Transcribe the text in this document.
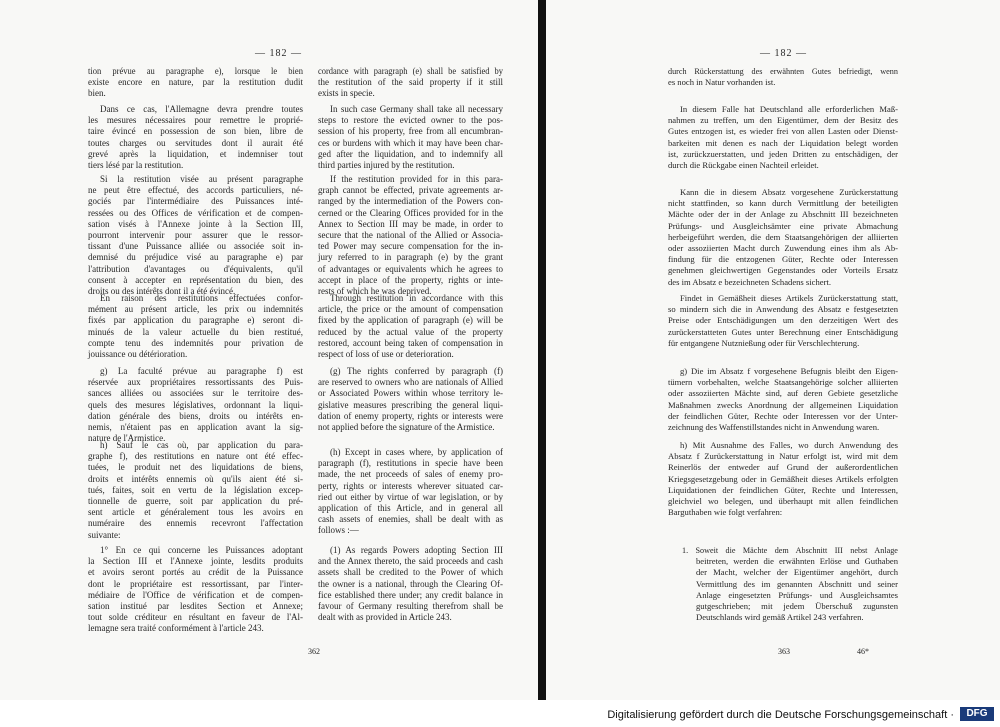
— 182 —
tion prévue au paragraphe e), lorsque le bien
existe encore en nature, par la restitution dudit
bien.
Dans ce cas, l'Allemagne devra prendre toutes
les mesures nécessaires pour remettre le proprié-
taire évincé en possession de son bien, libre de
toutes charges ou servitudes dont il aurait été
grevé après la liquidation, et indemniser tout
tiers lésé par la restitution.
Si la restitution visée au présent paragraphe
ne peut être effectué, des accords particuliers, né-
gociés par l'intermédiaire des Puissances inté-
ressées ou des Offices de vérification et de compen-
sation visés à l'Annexe jointe à la Section III,
pourront intervenir pour assurer que le ressor-
tissant d'une Puissance alliée ou associée soit in-
demnisé du préjudice visé au paragraphe e) par
l'attribution d'avantages ou d'équivalents, qu'il
consent à accepter en représentation du bien, des
droits ou des intérêts dont il a été évincé.
En raison des restitutions effectuées confor-
mément au présent article, les prix ou indemnités
fixés par application du paragraphe e) seront di-
minués de la valeur actuelle du bien restitué,
compte tenu des indemnités pour privation de
jouissance ou détérioration.
g) La faculté prévue au paragraphe f) est
réservée aux propriétaires ressortissants des Puis-
sances alliées ou associées sur le territoire des-
quels des mesures législatives, ordonnant la liqui-
dation générale des biens, droits ou intérêts en-
nemis, n'étaient pas en application avant la sig-
nature de l'Armistice.
h) Sauf le cas où, par application du para-
graphe f), des restitutions en nature ont été effec-
tuées, le produit net des liquidations de biens,
droits et intérêts ennemis où qu'ils aient été si-
tués, faites, soit en vertu de la législation excep-
tionnelle de guerre, soit par application du pré-
sent article et généralement tous les avoirs en
numéraire des ennemis recevront l'affectation
suivante:
1° En ce qui concerne les Puissances adoptant
la Section III et l'Annexe jointe, lesdits produits
et avoirs seront portés au crédit de la Puissance
dont le propriétaire est ressortissant, par l'inter-
médiaire de l'Office de vérification et de compen-
sation institué par lesdites Section et Annexe;
tout solde créditeur en résultant en faveur de l'Al-
lemagne sera traité conformément à l'article 243.
cordance with paragraph (e) shall be satisfied by
the restitution of the said property if it still
exists in specie.
In such case Germany shall take all necessary
steps to restore the evicted owner to the pos-
session of his property, free from all encumbran-
ces or burdens with which it may have been char-
ged after the liquidation, and to indemnify all
third parties injured by the restitution.
If the restitution provided for in this para-
graph cannot be effected, private agreements ar-
ranged by the intermediation of the Powers con-
cerned or the Clearing Offices provided for in the
Annex to Section III may be made, in order to
secure that the national of the Allied or Associa-
ted Power may secure compensation for the in-
jury referred to in paragraph (e) by the grant
of advantages or equivalents which he agrees to
accept in place of the property, rights or inte-
rests of which he was deprived.
Through restitution in accordance with this
article, the price or the amount of compensation
fixed by the application of paragraph (e) will be
reduced by the actual value of the property
restored, account being taken of compensation in
respect of loss of use or deterioration.
(g) The rights conferred by paragraph (f)
are reserved to owners who are nationals of Allied
or Associated Powers within whose territory le-
gislative measures prescribing the general liqui-
dation of enemy property, rights or interests were
not applied before the signature of the Armistice.
(h) Except in cases where, by application of
paragraph (f), restitutions in specie have been
made, the net proceeds of sales of enemy pro-
perty, rights or interests wherever situated car-
ried out either by virtue of war legislation, or by
application of this Article, and in general all
cash assets of enemies, shall be dealt with as
follows :—
(1) As regards Powers adopting Section III
and the Annex thereto, the said proceeds and cash
assets shall be credited to the Power of which
the owner is a national, through the Clearing Of-
fice established there under; any credit balance in
favour of Germany resulting therefrom shall be
dealt with as provided in Article 243.
362
— 182 —
363	46*
durch Rückerstattung des erwähnten Gutes befriedigt, wenn
es noch in Natur vorhanden ist.
In diesem Falle hat Deutschland alle erforderlichen Maß-
nahmen zu treffen, um den Eigentümer, dem der Besitz des
Gutes entzogen ist, es wieder frei von allen Lasten oder Dienst-
barkeiten mit denen es nach der Liquidation belegt worden
ist, zurückzuerstatten, und jeden Dritten zu entschädigen, der
durch die Rückgabe einen Nachteil erleidet.
Kann die in diesem Absatz vorgesehene Zurückerstattung
nicht stattfinden, so kann durch Vermittlung der beteiligten
Mächte oder der in der Anlage zu Abschnitt III bezeichneten
Prüfungs- und Ausgleichsämter eine private Abmachung
herbeigeführt werden, die dem Staatsangehörigen der alliierten
oder assoziierten Macht durch Zuwendung eines ihm als Ab-
findung für die entzogenen Güter, Rechte oder Interessen
genehmen gleichwertigen Gegenstandes oder Vorteils Ersatz
des im Absatz e bezeichneten Schadens sichert.
Findet in Gemäßheit dieses Artikels Zurückerstattung statt,
so mindern sich die in Anwendung des Absatz e festgesetzten
Preise oder Entschädigungen um den derzeitigen Wert des
zurückerstatteten Gutes unter Berechnung einer Entschädigung
für entgangene Nutznießung oder für Verschlechterung.
g) Die im Absatz f vorgesehene Befugnis bleibt den Eigen-
tümern vorbehalten, welche Staatsangehörige solcher alliierten
oder assoziierten Mächte sind, auf deren Gebiete gesetzliche
Maßnahmen zwecks Anordnung der allgemeinen Liquidation
der feindlichen Güter, Rechte oder Interessen vor der Unter-
zeichnung des Waffenstillstandes nicht in Anwendung waren.
h) Mit Ausnahme des Falles, wo durch Anwendung des
Absatz f Zurückerstattung in Natur erfolgt ist, wird mit dem
Reinerlös der entweder auf Grund der außerordentlichen
Kriegsgesetzgebung oder in Gemäßheit dieses Artikels erfolgten
Liquidationen der feindlichen Güter, Rechte und Interessen,
gleichviel wo belegen, und überhaupt mit allen feindlichen
Barguthaben wie folgt verfahren:
1. Soweit die Mächte dem Abschnitt III nebst Anlage
beitreten, werden die erwähnten Erlöse und Guthaben
der Macht, welcher der Eigentümer angehört, durch
Vermittlung des im genannten Abschnitt und seiner
Anlage eingesetzten Prüfungs- und Ausgleichsamtes
gutgeschrieben; mit jedem Überschuß zugunsten
Deutschlands wird gemäß Artikel 243 verfahren.
Digitalisierung gefördert durch die Deutsche Forschungsgemeinschaft ·	DFG
